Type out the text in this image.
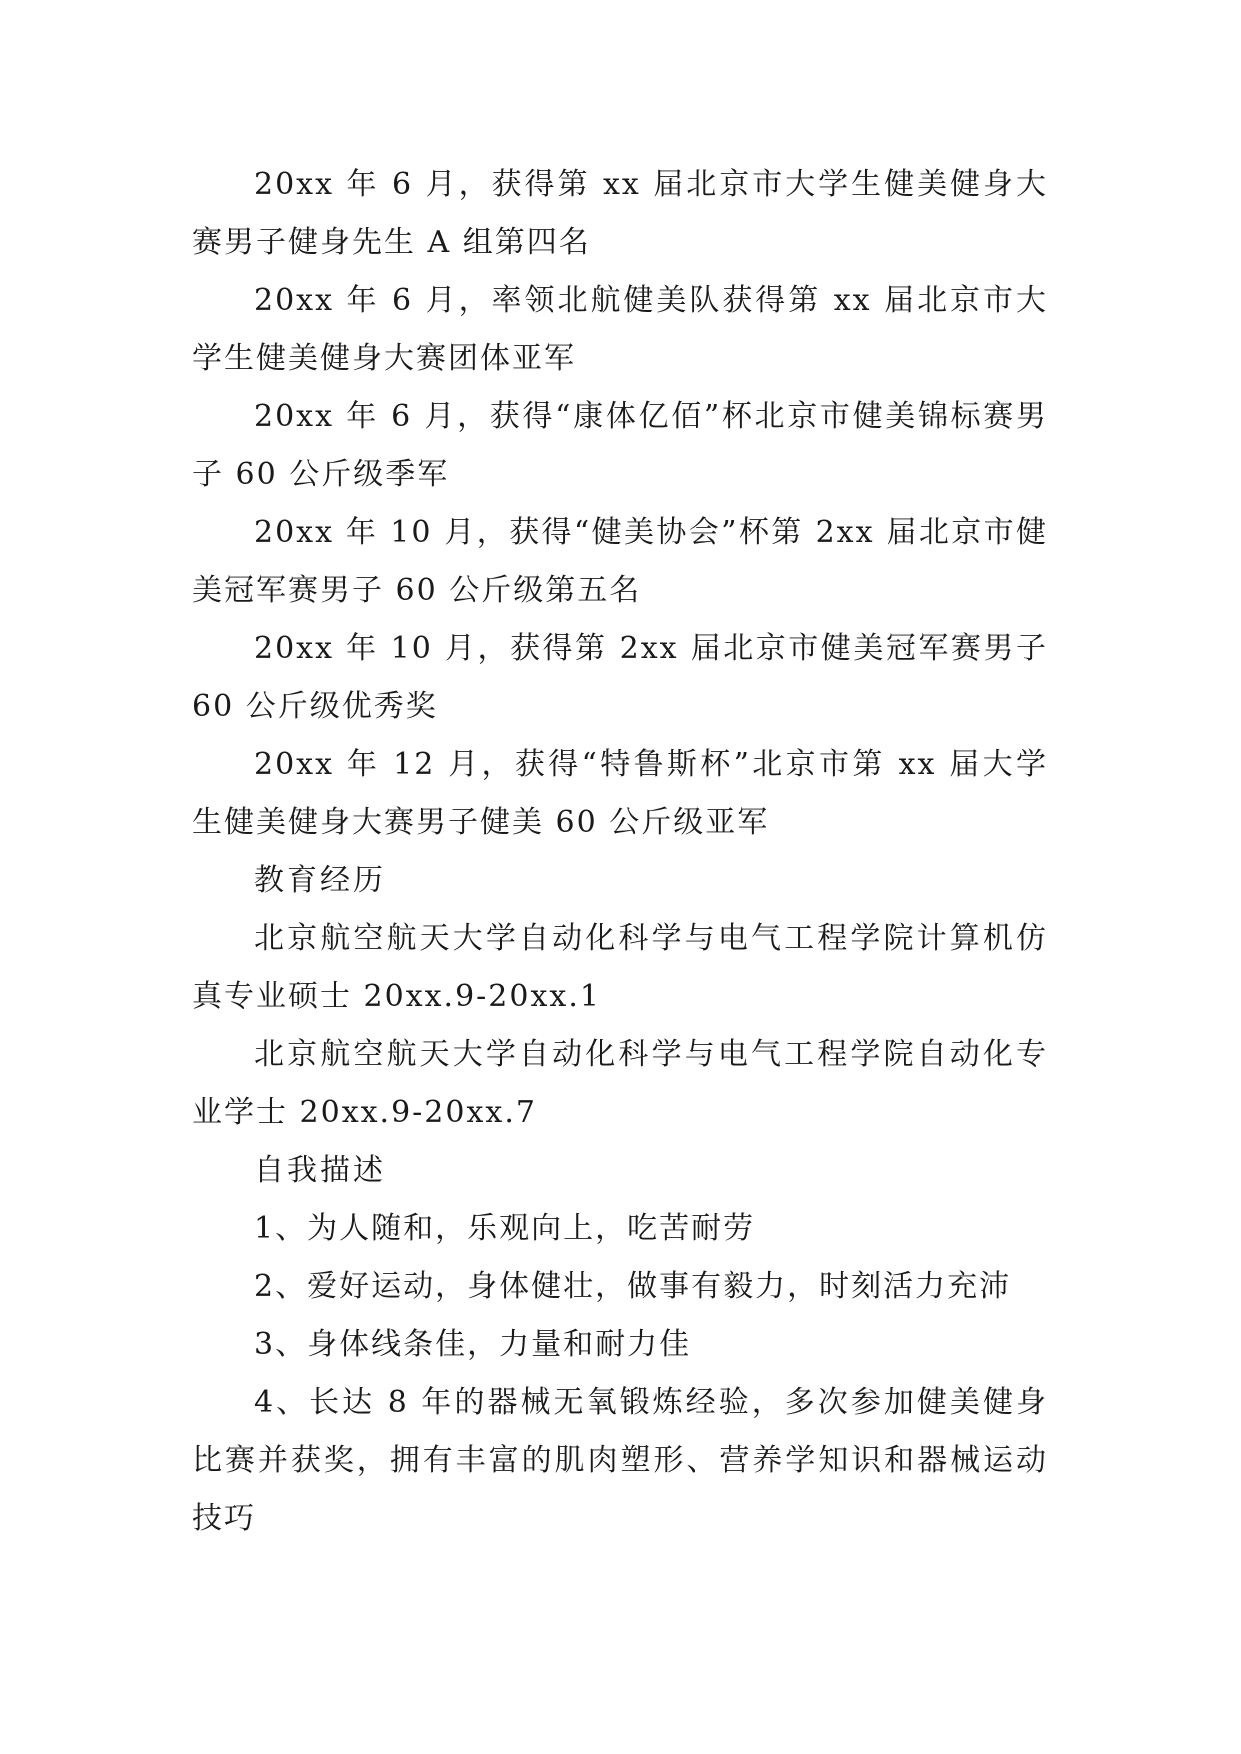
20xx 年 6 月，获得第 xx 届北京市大学生健美健身大赛男子健身先生 A 组第四名

20xx 年 6 月，率领北航健美队获得第 xx 届北京市大学生健美健身大赛团体亚军

20xx 年 6 月，获得“康体亿佰”杯北京市健美锦标赛男子 60 公斤级季军

20xx 年 10 月，获得“健美协会”杯第 2xx 届北京市健美冠军赛男子 60 公斤级第五名

20xx 年 10 月，获得第 2xx 届北京市健美冠军赛男子 60 公斤级优秀奖

20xx 年 12 月，获得“特鲁斯杯”北京市第 xx 届大学生健美健身大赛男子健美 60 公斤级亚军

教育经历

北京航空航天大学自动化科学与电气工程学院计算机仿真专业硕士 20xx.9-20xx.1

北京航空航天大学自动化科学与电气工程学院自动化专业学士 20xx.9-20xx.7

自我描述

1、为人随和，乐观向上，吃苦耐劳

2、爱好运动，身体健壮，做事有毅力，时刻活力充沛

3、身体线条佳，力量和耐力佳

4、长达 8 年的器械无氧锻炼经验，多次参加健美健身比赛并获奖，拥有丰富的肌肉塑形、营养学知识和器械运动技巧
